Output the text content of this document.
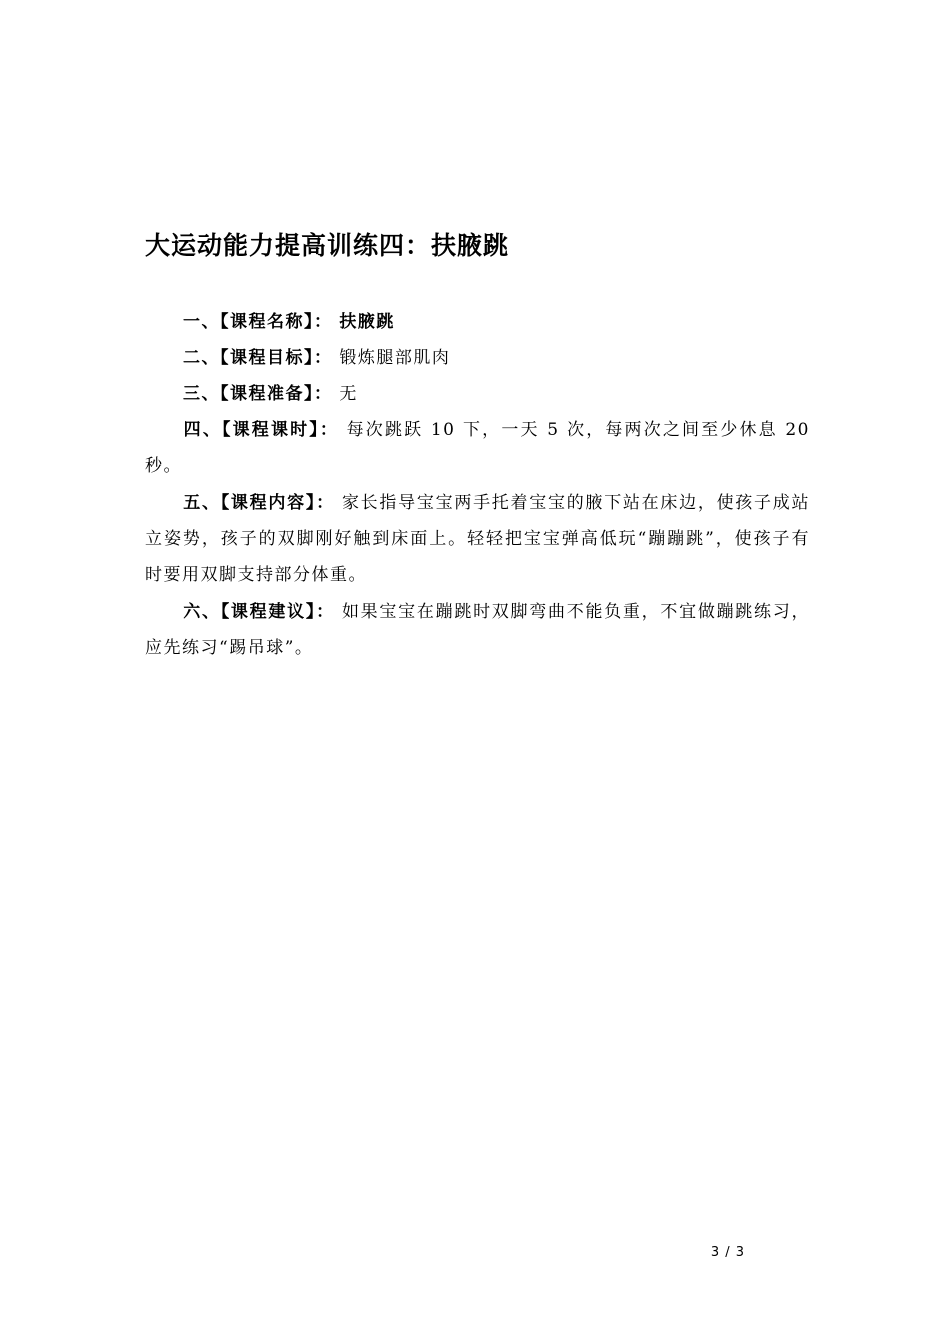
大运动能力提高训练四：扶腋跳
一、【课程名称】： 扶腋跳
二、【课程目标】： 锻炼腿部肌肉
三、【课程准备】： 无
四、【课程课时】： 每次跳跃 10 下，一天 5 次，每两次之间至少休息 20 秒。
五、【课程内容】： 家长指导宝宝两手托着宝宝的腋下站在床边，使孩子成站立姿势，孩子的双脚刚好触到床面上。轻轻把宝宝弹高低玩“蹦蹦跳”，使孩子有时要用双脚支持部分体重。
六、【课程建议】： 如果宝宝在蹦跳时双脚弯曲不能负重，不宜做蹦跳练习，应先练习“踢吊球”。
3 / 3
